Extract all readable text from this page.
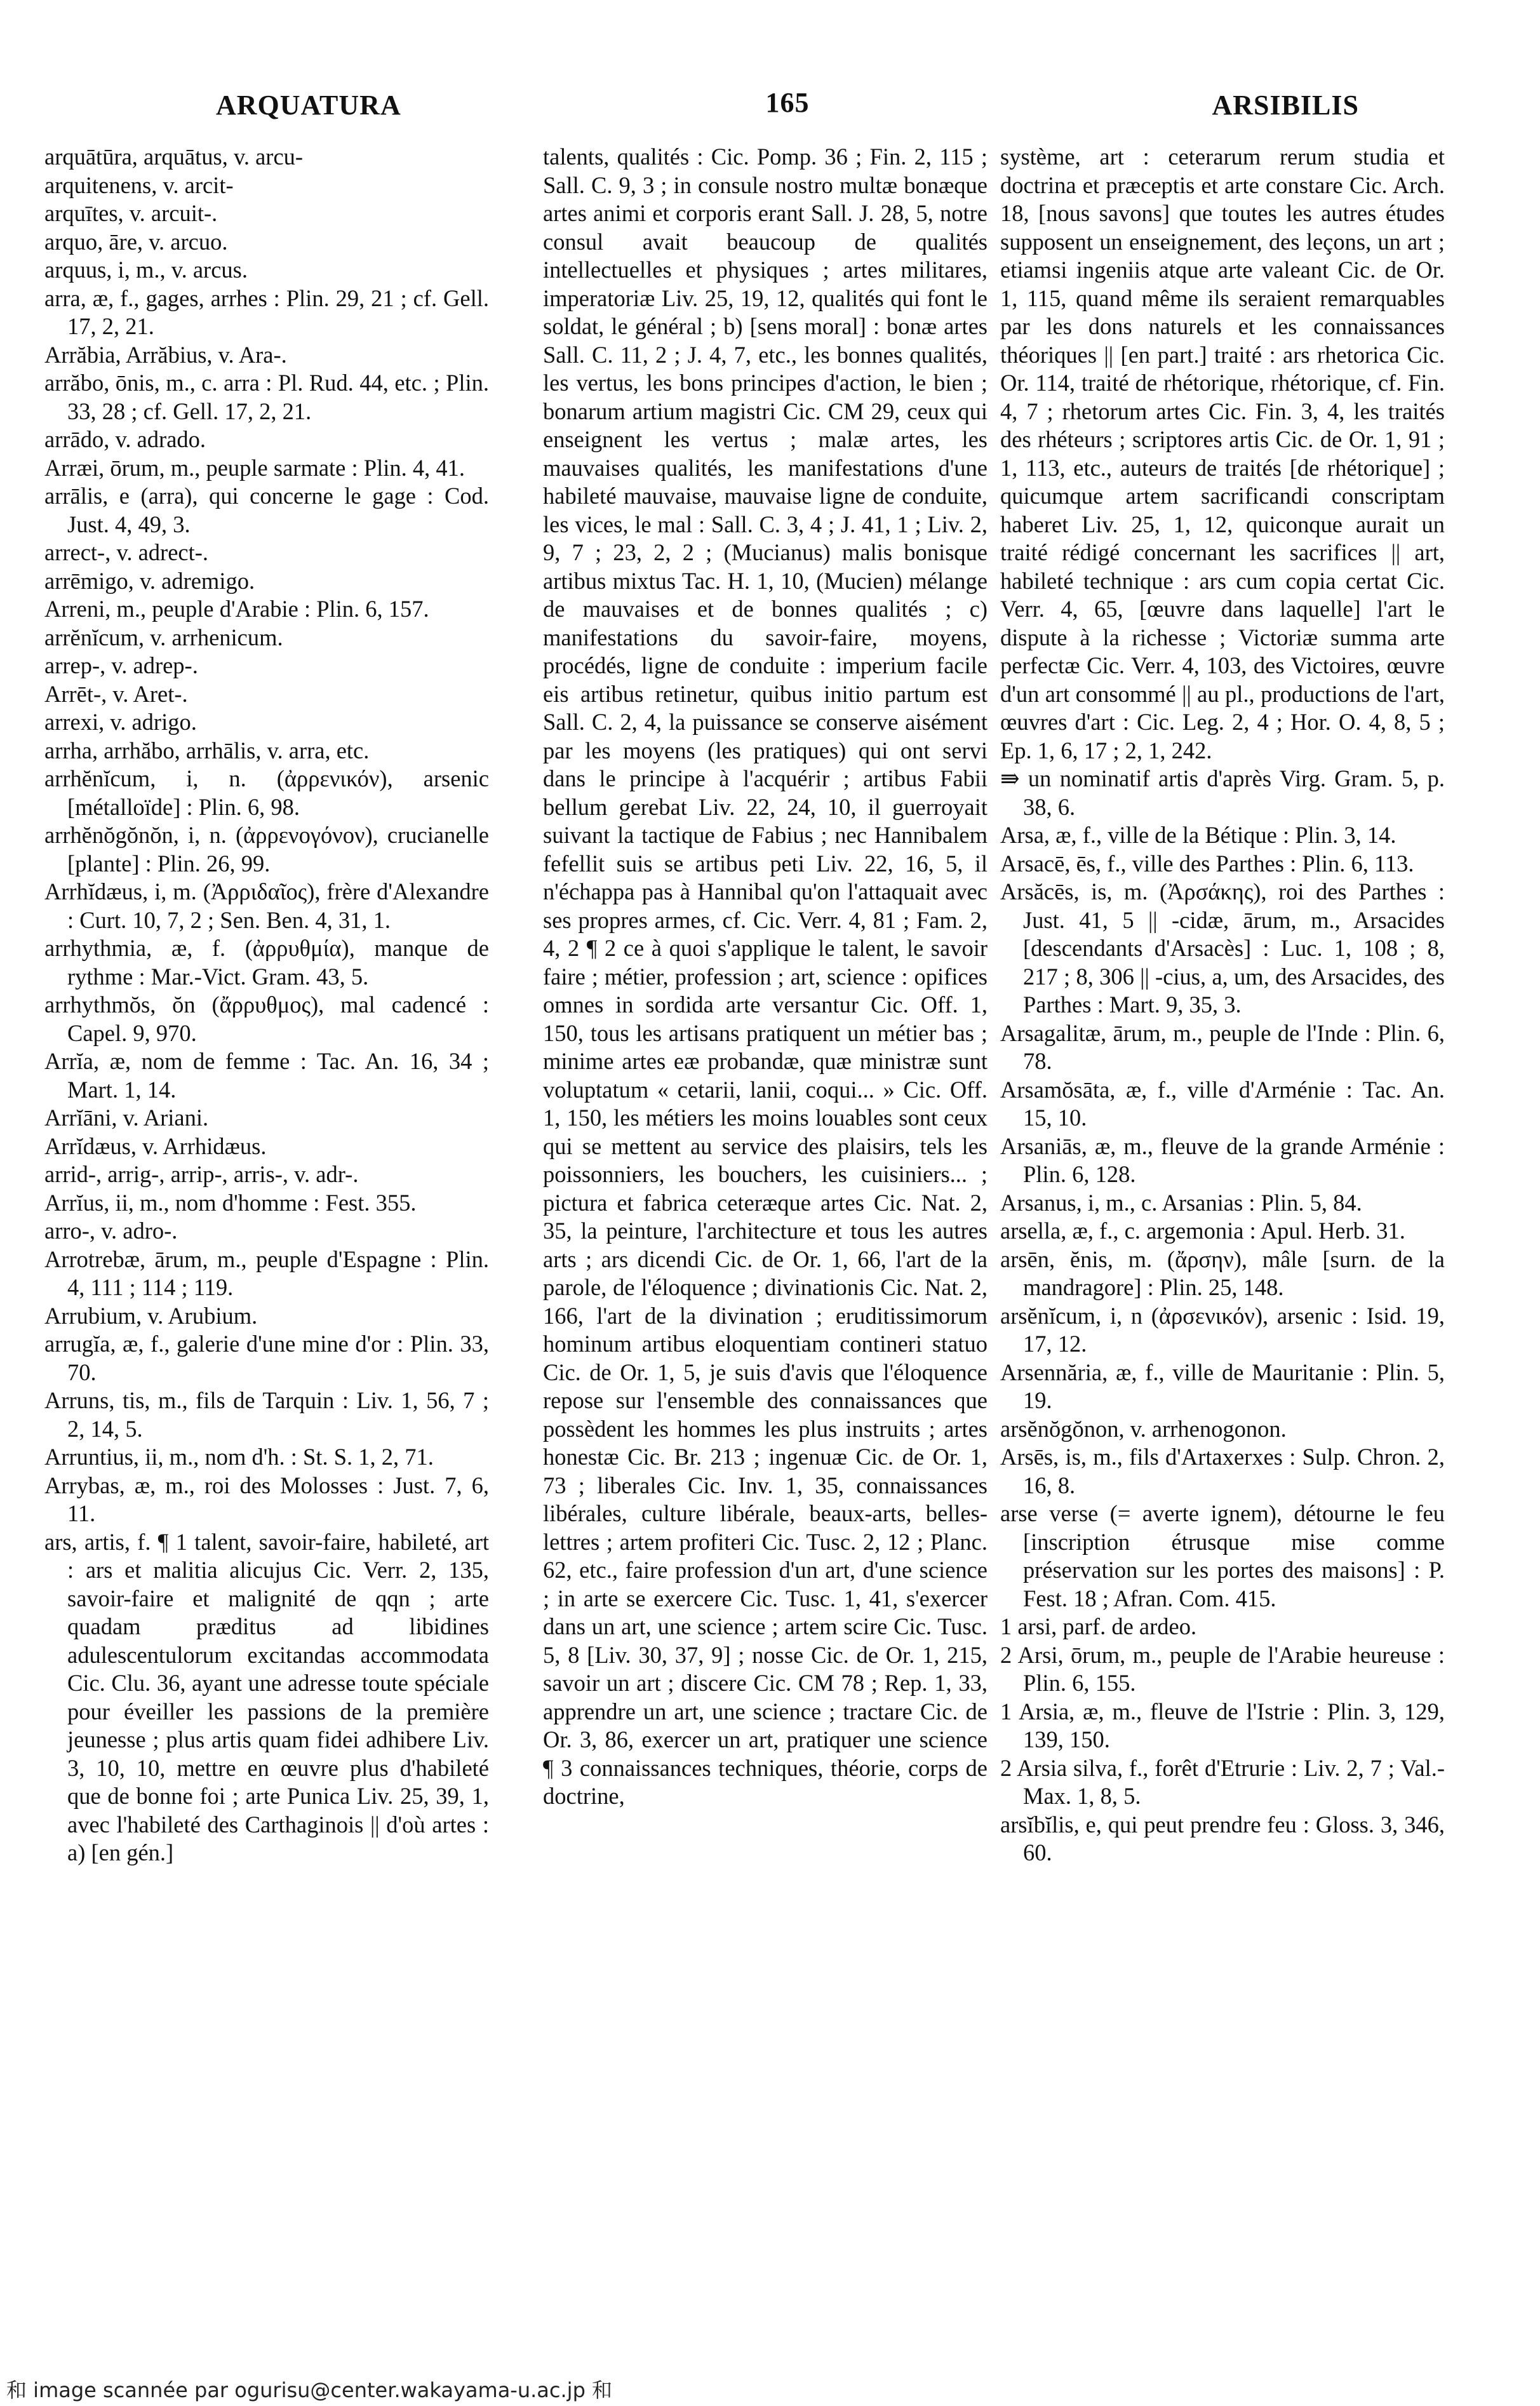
ARQUATURA	165	ARSIBILIS

arquātūra, arquātus, v. arcu-

arquitenens, v. arcit-

arquītes, v. arcuit-.

arquo, āre, v. arcuo.

arquus, i, m., v. arcus.

arra, æ, f., gages, arrhes : Plin. 29, 21 ; cf. Gell. 17, 2, 21.

Arrăbia, Arrăbius, v. Ara-.

arrăbo, ōnis, m., c. arra : Pl. Rud. 44, etc. ; Plin. 33, 28 ; cf. Gell. 17, 2, 21.

arrādo, v. adrado.

Arræi, ōrum, m., peuple sarmate : Plin. 4, 41.

arrālis, e (arra), qui concerne le gage : Cod. Just. 4, 49, 3.

arrect-, v. adrect-.

arrēmigo, v. adremigo.

Arreni, m., peuple d'Arabie : Plin. 6, 157.

arrĕnĭcum, v. arrhenicum.

arrep-, v. adrep-.

Arrēt-, v. Aret-.

arrexi, v. adrigo.

arrha, arrhăbo, arrhālis, v. arra, etc.

arrhĕnĭcum, i, n. (ἀρρενικόν), arsenic [métalloïde] : Plin. 6, 98.

arrhĕnŏgŏnŏn, i, n. (ἀρρενογόνον), crucianelle [plante] : Plin. 26, 99.

Arrhĭdæus, i, m. (Ἀρριδαῖος), frère d'Alexandre : Curt. 10, 7, 2 ; Sen. Ben. 4, 31, 1.

arrhythmia, æ, f. (ἀρρυθμία), manque de rythme : Mar.-Vict. Gram. 43, 5.

arrhythmŏs, ŏn (ἄρρυθμος), mal cadencé : Capel. 9, 970.

Arrĭa, æ, nom de femme : Tac. An. 16, 34 ; Mart. 1, 14.

Arrĭāni, v. Ariani.

Arrĭdæus, v. Arrhidæus.

arrid-, arrig-, arrip-, arris-, v. adr-.

Arrĭus, ii, m., nom d'homme : Fest. 355.

arro-, v. adro-.

Arrotrebæ, ārum, m., peuple d'Espagne : Plin. 4, 111 ; 114 ; 119.

Arrubium, v. Arubium.

arrugĭa, æ, f., galerie d'une mine d'or : Plin. 33, 70.

Arruns, tis, m., fils de Tarquin : Liv. 1, 56, 7 ; 2, 14, 5.

Arruntius, ii, m., nom d'h. : St. S. 1, 2, 71.

Arrybas, æ, m., roi des Molosses : Just. 7, 6, 11.

ars, artis, f. ¶ 1 talent, savoir-faire, habileté, art : ars et malitia alicujus Cic. Verr. 2, 135, savoir-faire et malignité de qqn ; arte quadam præditus ad libidines adulescentulorum excitandas accommodata Cic. Clu. 36, ayant une adresse toute spéciale pour éveiller les passions de la première jeunesse ; plus artis quam fidei adhibere Liv. 3, 10, 10, mettre en œuvre plus d'habileté que de bonne foi ; arte Punica Liv. 25, 39, 1, avec l'habileté des Carthaginois || d'où artes : a) [en gén.]

talents, qualités : Cic. Pomp. 36 ; Fin. 2, 115 ; Sall. C. 9, 3 ; in consule nostro multæ bonæque artes animi et corporis erant Sall. J. 28, 5, notre consul avait beaucoup de qualités intellectuelles et physiques ; artes militares, imperatoriæ Liv. 25, 19, 12, qualités qui font le soldat, le général ; b) [sens moral] : bonæ artes Sall. C. 11, 2 ; J. 4, 7, etc., les bonnes qualités, les vertus, les bons principes d'action, le bien ; bonarum artium magistri Cic. CM 29, ceux qui enseignent les vertus ; malæ artes, les mauvaises qualités, les manifestations d'une habileté mauvaise, mauvaise ligne de conduite, les vices, le mal : Sall. C. 3, 4 ; J. 41, 1 ; Liv. 2, 9, 7 ; 23, 2, 2 ; (Mucianus) malis bonisque artibus mixtus Tac. H. 1, 10, (Mucien) mélange de mauvaises et de bonnes qualités ; c) manifestations du savoir-faire, moyens, procédés, ligne de conduite : imperium facile eis artibus retinetur, quibus initio partum est Sall. C. 2, 4, la puissance se conserve aisément par les moyens (les pratiques) qui ont servi dans le principe à l'acquérir ; artibus Fabii bellum gerebat Liv. 22, 24, 10, il guerroyait suivant la tactique de Fabius ; nec Hannibalem fefellit suis se artibus peti Liv. 22, 16, 5, il n'échappa pas à Hannibal qu'on l'attaquait avec ses propres armes, cf. Cic. Verr. 4, 81 ; Fam. 2, 4, 2 ¶ 2 ce à quoi s'applique le talent, le savoir faire ; métier, profession ; art, science : opifices omnes in sordida arte versantur Cic. Off. 1, 150, tous les artisans pratiquent un métier bas ; minime artes eæ probandæ, quæ ministræ sunt voluptatum « cetarii, lanii, coqui... » Cic. Off. 1, 150, les métiers les moins louables sont ceux qui se mettent au service des plaisirs, tels les poissonniers, les bouchers, les cuisiniers... ; pictura et fabrica ceteræque artes Cic. Nat. 2, 35, la peinture, l'architecture et tous les autres arts ; ars dicendi Cic. de Or. 1, 66, l'art de la parole, de l'éloquence ; divinationis Cic. Nat. 2, 166, l'art de la divination ; eruditissimorum hominum artibus eloquentiam contineri statuo Cic. de Or. 1, 5, je suis d'avis que l'éloquence repose sur l'ensemble des connaissances que possèdent les hommes les plus instruits ; artes honestæ Cic. Br. 213 ; ingenuæ Cic. de Or. 1, 73 ; liberales Cic. Inv. 1, 35, connaissances libérales, culture libérale, beaux-arts, belles-lettres ; artem profiteri Cic. Tusc. 2, 12 ; Planc. 62, etc., faire profession d'un art, d'une science ; in arte se exercere Cic. Tusc. 1, 41, s'exercer dans un art, une science ; artem scire Cic. Tusc. 5, 8 [Liv. 30, 37, 9] ; nosse Cic. de Or. 1, 215, savoir un art ; discere Cic. CM 78 ; Rep. 1, 33, apprendre un art, une science ; tractare Cic. de Or. 3, 86, exercer un art, pratiquer une science ¶ 3 connaissances techniques, théorie, corps de doctrine,

système, art : ceterarum rerum studia et doctrina et præceptis et arte constare Cic. Arch. 18, [nous savons] que toutes les autres études supposent un enseignement, des leçons, un art ; etiamsi ingeniis atque arte valeant Cic. de Or. 1, 115, quand même ils seraient remarquables par les dons naturels et les connaissances théoriques || [en part.] traité : ars rhetorica Cic. Or. 114, traité de rhétorique, rhétorique, cf. Fin. 4, 7 ; rhetorum artes Cic. Fin. 3, 4, les traités des rhéteurs ; scriptores artis Cic. de Or. 1, 91 ; 1, 113, etc., auteurs de traités [de rhétorique] ; quicumque artem sacrificandi conscriptam haberet Liv. 25, 1, 12, quiconque aurait un traité rédigé concernant les sacrifices || art, habileté technique : ars cum copia certat Cic. Verr. 4, 65, [œuvre dans laquelle] l'art le dispute à la richesse ; Victoriæ summa arte perfectæ Cic. Verr. 4, 103, des Victoires, œuvre d'un art consommé || au pl., productions de l'art, œuvres d'art : Cic. Leg. 2, 4 ; Hor. O. 4, 8, 5 ; Ep. 1, 6, 17 ; 2, 1, 242.

⇛ un nominatif artis d'après Virg. Gram. 5, p. 38, 6.

Arsa, æ, f., ville de la Bétique : Plin. 3, 14.

Arsacē, ēs, f., ville des Parthes : Plin. 6, 113.

Arsăcēs, is, m. (Ἀρσάκης), roi des Parthes : Just. 41, 5 || -cidæ, ārum, m., Arsacides [descendants d'Arsacès] : Luc. 1, 108 ; 8, 217 ; 8, 306 || -cius, a, um, des Arsacides, des Parthes : Mart. 9, 35, 3.

Arsagalitæ, ārum, m., peuple de l'Inde : Plin. 6, 78.

Arsamŏsāta, æ, f., ville d'Arménie : Tac. An. 15, 10.

Arsaniās, æ, m., fleuve de la grande Arménie : Plin. 6, 128.

Arsanus, i, m., c. Arsanias : Plin. 5, 84.

arsella, æ, f., c. argemonia : Apul. Herb. 31.

arsēn, ĕnis, m. (ἄρσην), mâle [surn. de la mandragore] : Plin. 25, 148.

arsĕnĭcum, i, n (ἀρσενικόν), arsenic : Isid. 19, 17, 12.

Arsennăria, æ, f., ville de Mauritanie : Plin. 5, 19.

arsĕnŏgŏnon, v. arrhenogonon.

Arsēs, is, m., fils d'Artaxerxes : Sulp. Chron. 2, 16, 8.

arse verse (= averte ignem), détourne le feu [inscription étrusque mise comme préservation sur les portes des maisons] : P. Fest. 18 ; Afran. Com. 415.

1 arsi, parf. de ardeo.

2 Arsi, ōrum, m., peuple de l'Arabie heureuse : Plin. 6, 155.

1 Arsia, æ, m., fleuve de l'Istrie : Plin. 3, 129, 139, 150.

2 Arsia silva, f., forêt d'Etrurie : Liv. 2, 7 ; Val.-Max. 1, 8, 5.

arsĭbĭlis, e, qui peut prendre feu : Gloss. 3, 346, 60.

和 image scannée par ogurisu@center.wakayama-u.ac.jp 和
